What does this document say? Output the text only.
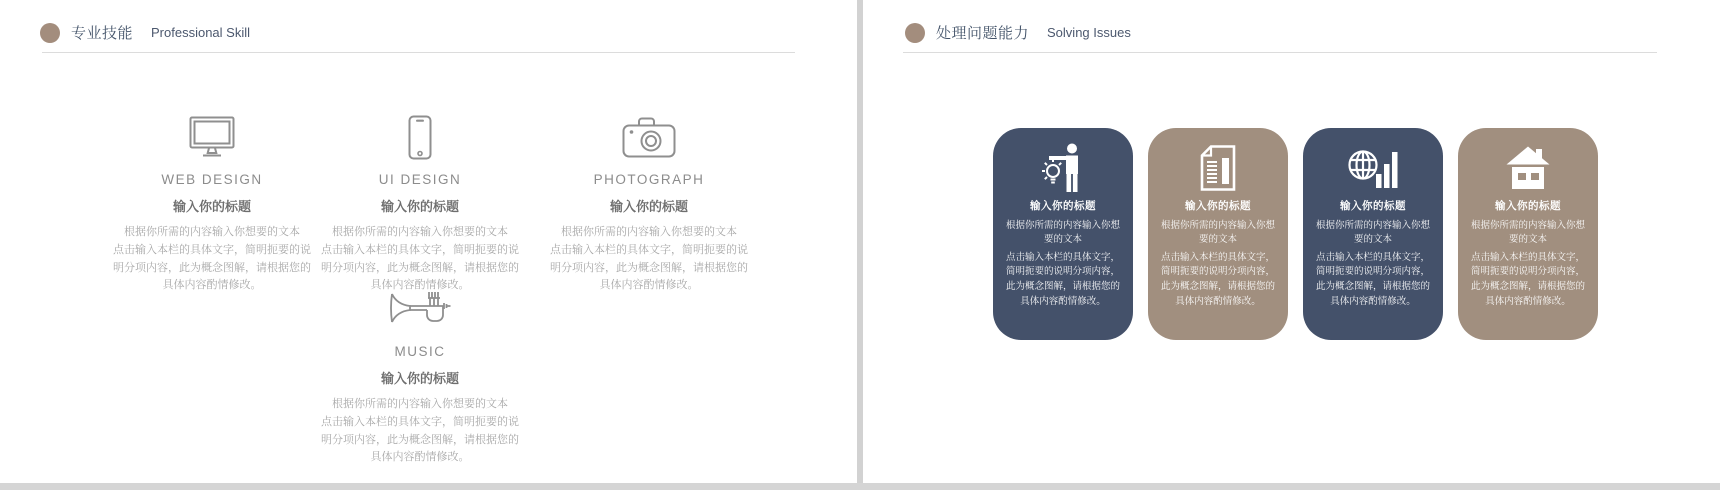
专业技能 Professional Skill
WEB DESIGN
输入你的标题
根据你所需的内容输入你想要的文本
点击输入本栏的具体文字，简明扼要的说明分项内容，此为概念图解，请根据您的具体内容酌情修改。
UI DESIGN
输入你的标题
根据你所需的内容输入你想要的文本
点击输入本栏的具体文字，简明扼要的说明分项内容，此为概念图解，请根据您的具体内容酌情修改。
PHOTOGRAPH
输入你的标题
根据你所需的内容输入你想要的文本
点击输入本栏的具体文字，简明扼要的说明分项内容，此为概念图解，请根据您的具体内容酌情修改。
MUSIC
输入你的标题
根据你所需的内容输入你想要的文本
点击输入本栏的具体文字，简明扼要的说明分项内容，此为概念图解，请根据您的具体内容酌情修改。
处理问题能力 Solving Issues
输入你的标题
根据你所需的内容输入你想要的文本
点击输入本栏的具体文字，简明扼要的说明分项内容，此为概念图解，请根据您的具体内容酌情修改。
输入你的标题
根据你所需的内容输入你想要的文本
点击输入本栏的具体文字，简明扼要的说明分项内容，此为概念图解，请根据您的具体内容酌情修改。
输入你的标题
根据你所需的内容输入你想要的文本
点击输入本栏的具体文字，简明扼要的说明分项内容，此为概念图解，请根据您的具体内容酌情修改。
输入你的标题
根据你所需的内容输入你想要的文本
点击输入本栏的具体文字，简明扼要的说明分项内容，此为概念图解，请根据您的具体内容酌情修改。
